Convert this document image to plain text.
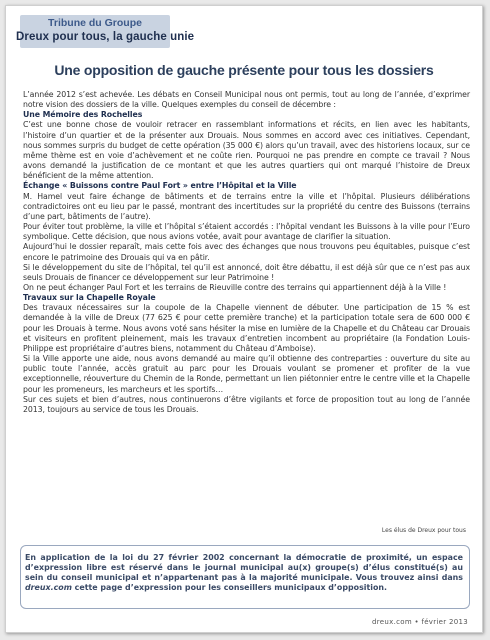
Tribune du Groupe
Dreux pour tous, la gauche unie
Une opposition de gauche présente pour tous les dossiers

L’année 2012 s’est achevée. Les débats en Conseil Municipal nous ont permis, tout au long de l’année, d’exprimer notre vision des dossiers de la ville. Quelques exemples du conseil de décembre :

Une Mémoire des Rochelles

C’est une bonne chose de vouloir retracer en rassemblant informations et récits, en lien avec les habitants, l’histoire d’un quartier et de la présenter aux Drouais. Nous sommes en accord avec ces initiatives. Cependant, nous sommes surpris du budget de cette opération (35 000 €) alors qu’un travail, avec des historiens locaux, sur ce même thème est en voie d’achèvement et ne coûte rien. Pourquoi ne pas prendre en compte ce travail ? Nous avons demandé la justification de ce montant et que les autres quartiers qui ont marqué l’histoire de Dreux bénéficient de la même attention.

Échange « Buissons contre Paul Fort » entre l’Hôpital et la Ville

M. Hamel veut faire échange de bâtiments et de terrains entre la ville et l’hôpital. Plusieurs délibérations contradictoires ont eu lieu par le passé, montrant des incertitudes sur la propriété du centre des Buissons (terrains d’une part, bâtiments de l’autre).

Pour éviter tout problème, la ville et l’hôpital s’étaient accordés : l’hôpital vendant les Buissons à la ville pour l’Euro symbolique. Cette décision, que nous avions votée, avait pour avantage de clarifier la situation.

Aujourd’hui le dossier reparaît, mais cette fois avec des échanges que nous trouvons peu équitables, puisque c’est encore le patrimoine des Drouais qui va en pâtir.

Si le développement du site de l’hôpital, tel qu’il est annoncé, doit être débattu, il est déjà sûr que ce n’est pas aux seuls Drouais de financer ce développement sur leur Patrimoine !

On ne peut échanger Paul Fort et les terrains de Rieuville contre des terrains qui appartiennent déjà à la Ville !

Travaux sur la Chapelle Royale

Des travaux nécessaires sur la coupole de la Chapelle viennent de débuter. Une participation de 15 % est demandée à la ville de Dreux (77 625 € pour cette première tranche) et la participation totale sera de 600 000 € pour les Drouais à terme. Nous avons voté sans hésiter la mise en lumière de la Chapelle et du Château car Drouais et visiteurs en profitent pleinement, mais les travaux d’entretien incombent au propriétaire (la Fondation Louis-Philippe est propriétaire d’autres biens, notamment du Château d’Amboise).

Si la Ville apporte une aide, nous avons demandé au maire qu’il obtienne des contreparties : ouverture du site au public toute l’année, accès gratuit au parc pour les Drouais voulant se promener et profiter de la vue exceptionnelle, réouverture du Chemin de la Ronde, permettant un lien piétonnier entre le centre ville et la Chapelle pour les promeneurs, les marcheurs et les sportifs…

Sur ces sujets et bien d’autres, nous continuerons d’être vigilants et force de proposition tout au long de l’année 2013, toujours au service de tous les Drouais.

Les élus de Dreux pour tous

En application de la loi du 27 février 2002 concernant la démocratie de proximité, un espace d’expression libre est réservé dans le journal municipal au(x) groupe(s) d’élus constitué(s) au sein du conseil municipal et n’appartenant pas à la majorité municipale. Vous trouvez ainsi dans dreux.com cette page d’expression pour les conseillers municipaux d’opposition.

dreux.com • février 2013
